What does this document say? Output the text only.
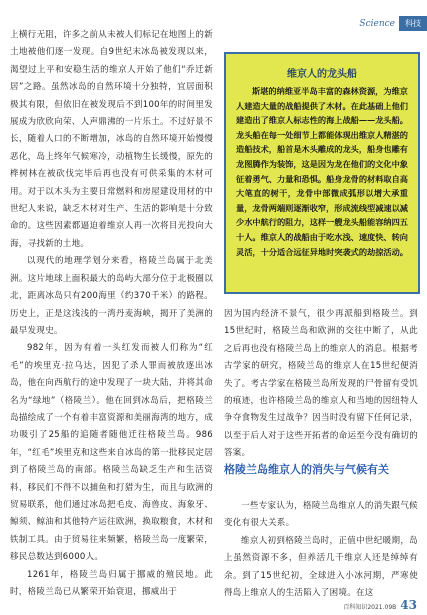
Science	科技

上横行无阻，许多之前从未被人们标记在地图上的新土地被他们逐一发现。自9世纪末冰岛被发现以来，渴望过上平和安稳生活的维京人开始了他们“乔迁新居”之路。虽然冰岛的自然环境十分独特，宜居面积极其有限，但依旧在被发现后不到100年的时间里发展成为欣欣向荣、人声鼎沸的一片乐土。不过好景不长，随着人口的不断增加，冰岛的自然环境开始慢慢恶化，岛上终年气候寒冷，动植物生长缓慢，原先的桦树林在被砍伐完毕后再也没有可供采集的木材可用。对于以木头为主要日常燃料和房屋建设用材的中世纪人来说，缺乏木材对生产、生活的影响是十分致命的。这些因素都逼迫着维京人再一次将目光投向大海，寻找新的土地。

以现代的地理学划分来看，格陵兰岛属于北美洲。这片地球上面积最大的岛屿大部分位于北极圈以北，距离冰岛只有200海里（约370千米）的路程。历史上，正是这浅浅的一湾丹麦海峡，揭开了美洲的最早发现史。

982年，因为有着一头红发而被人们称为“红毛”的埃里克·拉乌达，因犯了杀人罪而被放逐出冰岛，他在向西航行的途中发现了一块大陆，并将其命名为“绿地”（格陵兰）。他在回到冰岛后，把格陵兰岛描绘成了一个有着丰富资源和美丽海湾的地方，成功吸引了25船的追随者随他迁往格陵兰岛。986年，“红毛”埃里克和这些来自冰岛的第一批移民定居到了格陵兰岛的南部。格陵兰岛缺乏生产和生活资料，移民们不得不以捕鱼和打猎为生，而且与欧洲的贸易联系，他们通过冰岛把毛皮、海兽皮、海象牙、鲸须、鲸油和其他特产运往欧洲，换取粮食，木材和铁制工具。由于贸易往来频繁，格陵兰岛一度繁荣，移民总数达到6000人。

1261年，格陵兰岛归属于挪威的殖民地。此时，格陵兰岛已从繁荣开始衰退，挪威出于

维京人的龙头船
斯堪的纳维亚半岛丰富的森林资源，为维京人建造大量的战船提供了木材。在此基础上他们建造出了维京人标志性的海上战船——龙头船。龙头船在每一处细节上都能体现出维京人精湛的造船技术，船首是木头雕成的龙头，船身也雕有龙图腾作为装饰，这是因为龙在他们的文化中象征着勇气、力量和恐惧。船身龙骨的材料取自高大笔直的树干，龙骨中部微成弧形以增大承重量，龙骨两端则逐渐收窄，形成流线型减速以减少水中航行的阻力，这样一艘龙头船能容纳四五十人。维京人的战船由于吃水浅、速度快、转向灵活，十分适合远征异地时突袭式的劫掠活动。

因为国内经济不景气，很少再派船到格陵兰。到15世纪时，格陵兰岛和欧洲的交往中断了，从此之后再也没有格陵兰岛上的维京人的消息。根据考古学家的研究，格陵兰岛的维京人在15世纪便消失了。考古学家在格陵兰岛所发现的尸骨留有受饥的痕迹，也许格陵兰岛的维京人和当地的因纽特人争夺食物发生过战争？因当时没有留下任何记录，以至于后人对于这些开拓者的命运至今没有确切的答案。

格陵兰岛维京人的消失与气候有关

一些专家认为，格陵兰岛维京人的消失跟气候变化有很大关系。

维京人初到格陵兰岛时，正值中世纪暖期，岛上虽然资源不多，但养活几千维京人还是绰绰有余。到了15世纪初，全球进入小冰河期，严寒使得岛上维京人的生活陷入了困境。在这

百科知识2021.09B 43
